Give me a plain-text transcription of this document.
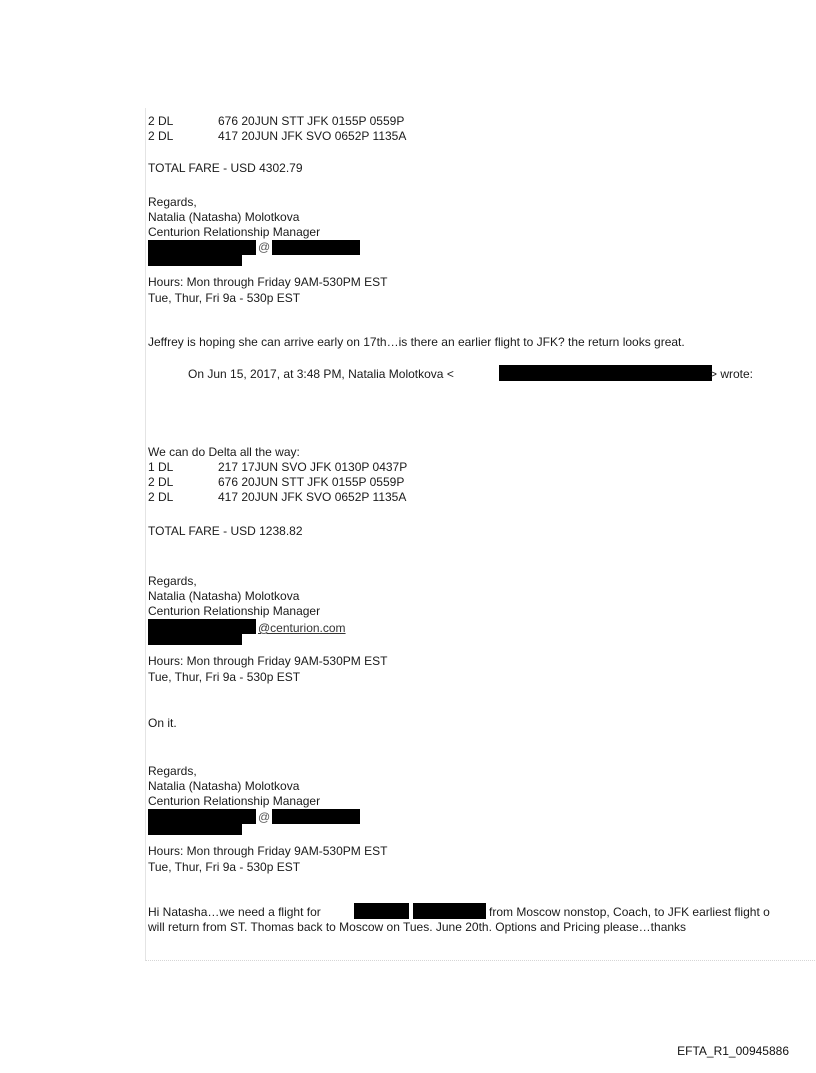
2 DL	676 20JUN STT JFK 0155P 0559P
2 DL	417 20JUN JFK SVO 0652P 1135A
TOTAL FARE - USD 4302.79
Regards,
Natalia (Natasha) Molotkova
Centurion Relationship Manager
@
Hours: Mon through Friday 9AM-530PM EST
Tue, Thur, Fri 9a - 530p EST
Jeffrey is hoping she can arrive early on 17th…is there an earlier flight to JFK? the return looks great.
On Jun 15, 2017, at 3:48 PM, Natalia Molotkova <	> wrote:
We can do Delta all the way:
1 DL	217 17JUN SVO JFK 0130P 0437P
2 DL	676 20JUN STT JFK 0155P 0559P
2 DL	417 20JUN JFK SVO 0652P 1135A
TOTAL FARE - USD 1238.82
Regards,
Natalia (Natasha) Molotkova
Centurion Relationship Manager
@centurion.com
Hours: Mon through Friday 9AM-530PM EST
Tue, Thur, Fri 9a - 530p EST
On it.
Regards,
Natalia (Natasha) Molotkova
Centurion Relationship Manager
@
Hours: Mon through Friday 9AM-530PM EST
Tue, Thur, Fri 9a - 530p EST
Hi Natasha…we need a flight for	from Moscow nonstop, Coach, to JFK earliest flight o
will return from ST. Thomas back to Moscow on Tues. June 20th. Options and Pricing please…thanks
EFTA_R1_00945886
